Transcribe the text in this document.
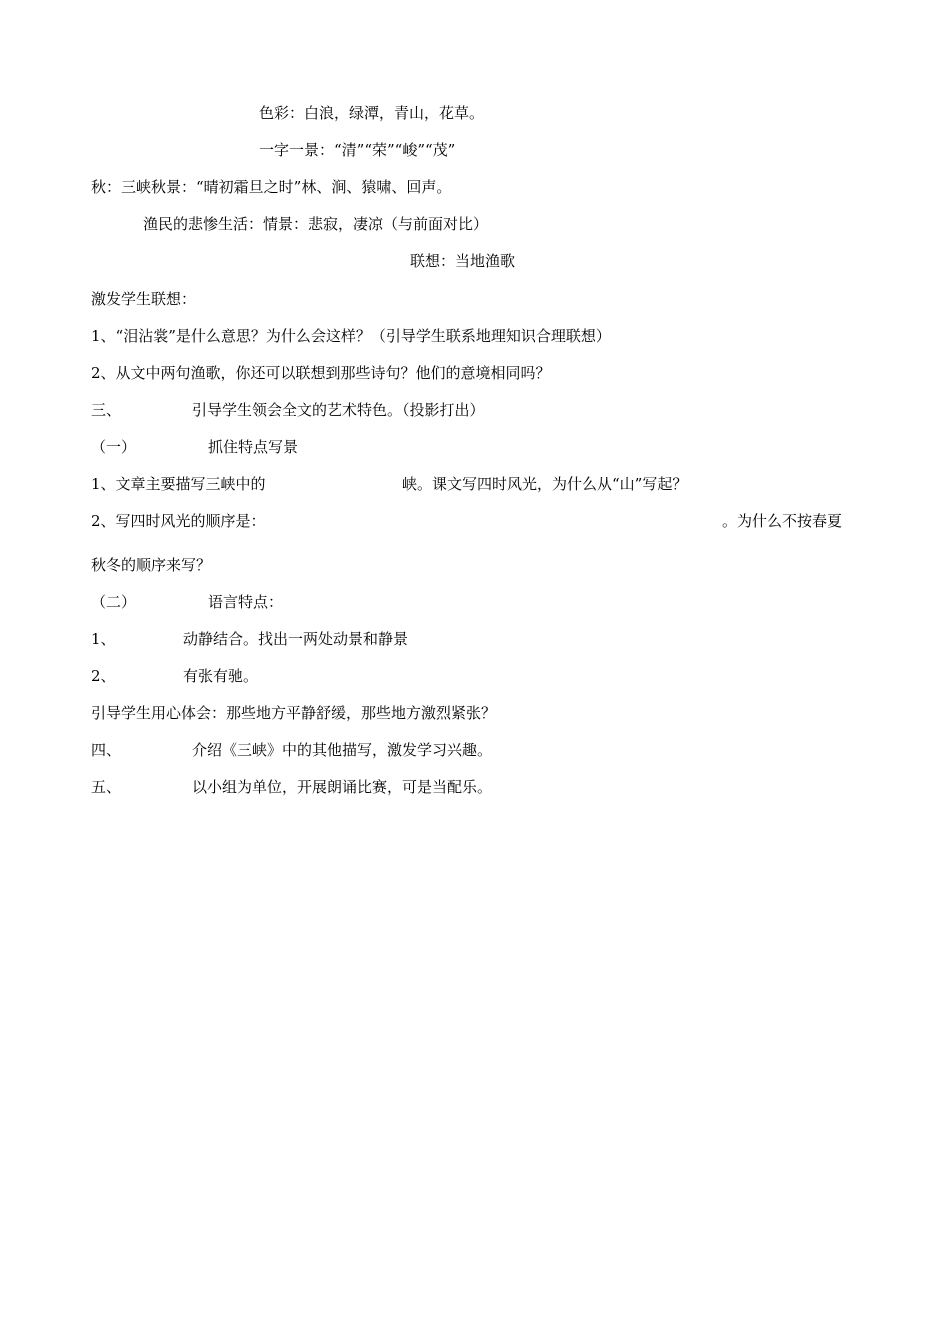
色彩：白浪，绿潭，青山，花草。
一字一景：“清”“荣”“峻”“茂”
秋：三峡秋景：“晴初霜旦之时”林、涧、猿啸、回声。
渔民的悲惨生活：情景：悲寂，凄凉（与前面对比）
联想：当地渔歌
激发学生联想：
1、“泪沾裳”是什么意思？为什么会这样？（引导学生联系地理知识合理联想）
2、从文中两句渔歌，你还可以联想到那些诗句？他们的意境相同吗？
三、	引导学生领会全文的艺术特色。（投影打出）
（一）	抓住特点写景
1、文章主要描写三峡中的	峡。课文写四时风光，为什么从“山”写起？
2、写四时风光的顺序是：	。为什么不按春夏
秋冬的顺序来写？
（二）	语言特点：
1、	动静结合。找出一两处动景和静景
2、	有张有驰。
引导学生用心体会：那些地方平静舒缓，那些地方激烈紧张？
四、	介绍《三峡》中的其他描写，激发学习兴趣。
五、	以小组为单位，开展朗诵比赛，可是当配乐。
